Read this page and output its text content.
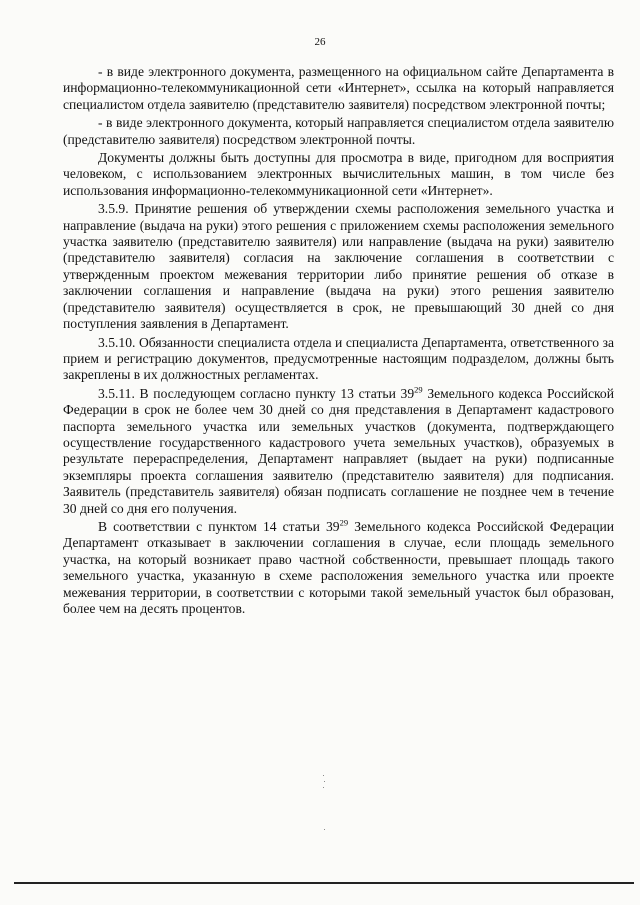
26

- в виде электронного документа, размещенного на официальном сайте Департамента в информационно-телекоммуникационной сети «Интернет», ссылка на который направляется специалистом отдела заявителю (представителю заявителя) посредством электронной почты;

- в виде электронного документа, который направляется специалистом отдела заявителю (представителю заявителя) посредством электронной почты.

Документы должны быть доступны для просмотра в виде, пригодном для восприятия человеком, с использованием электронных вычислительных машин, в том числе без использования информационно-телекоммуникационной сети «Интернет».

3.5.9. Принятие решения об утверждении схемы расположения земельного участка и направление (выдача на руки) этого решения с приложением схемы расположения земельного участка заявителю (представителю заявителя) или направление (выдача на руки) заявителю (представителю заявителя) согласия на заключение соглашения в соответствии с утвержденным проектом межевания территории либо принятие решения об отказе в заключении соглашения и направление (выдача на руки) этого решения заявителю (представителю заявителя) осуществляется в срок, не превышающий 30 дней со дня поступления заявления в Департамент.

3.5.10. Обязанности специалиста отдела и специалиста Департамента, ответственного за прием и регистрацию документов, предусмотренные настоящим подразделом, должны быть закреплены в их должностных регламентах.

3.5.11. В последующем согласно пункту 13 статьи $39^{29}$ Земельного кодекса Российской Федерации в срок не более чем 30 дней со дня представления в Департамент кадастрового паспорта земельного участка или земельных участков (документа, подтверждающего осуществление государственного кадастрового учета земельных участков), образуемых в результате перераспределения, Департамент направляет (выдает на руки) подписанные экземпляры проекта соглашения заявителю (представителю заявителя) для подписания. Заявитель (представитель заявителя) обязан подписать соглашение не позднее чем в течение 30 дней со дня его получения.

В соответствии с пунктом 14 статьи $39^{29}$ Земельного кодекса Российской Федерации Департамент отказывает в заключении соглашения в случае, если площадь земельного участка, на который возникает право частной собственности, превышает площадь такого земельного участка, указанную в схеме расположения земельного участка или проекте межевания территории, в соответствии с которыми такой земельный участок был образован, более чем на десять процентов.
